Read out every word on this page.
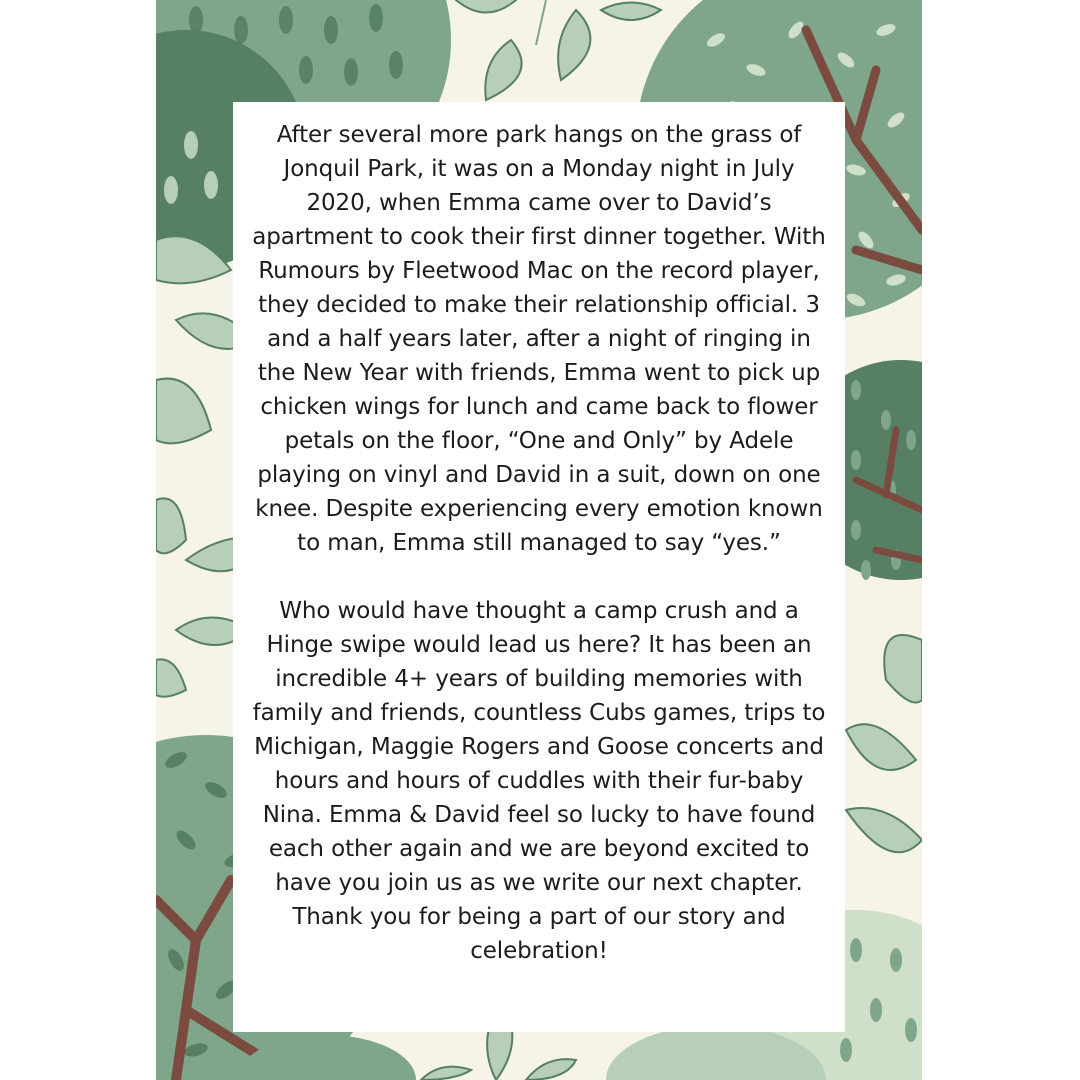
After several more park hangs on the grass of Jonquil Park, it was on a Monday night in July 2020, when Emma came over to David’s apartment to cook their first dinner together. With Rumours by Fleetwood Mac on the record player, they decided to make their relationship official. 3 and a half years later, after a night of ringing in the New Year with friends, Emma went to pick up chicken wings for lunch and came back to flower petals on the floor, “One and Only” by Adele playing on vinyl and David in a suit, down on one knee. Despite experiencing every emotion known to man, Emma still managed to say “yes.”

Who would have thought a camp crush and a Hinge swipe would lead us here? It has been an incredible 4+ years of building memories with family and friends, countless Cubs games, trips to Michigan, Maggie Rogers and Goose concerts and hours and hours of cuddles with their fur-baby Nina. Emma & David feel so lucky to have found each other again and we are beyond excited to have you join us as we write our next chapter. Thank you for being a part of our story and celebration!
